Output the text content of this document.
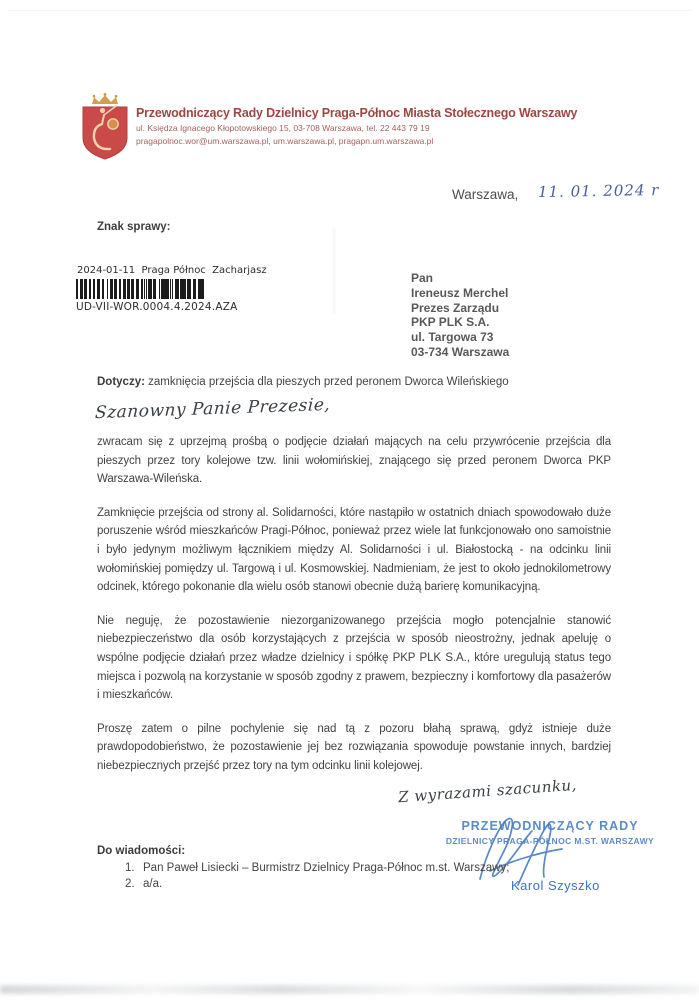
Przewodniczący Rady Dzielnicy Praga-Północ Miasta Stołecznego Warszawy
ul. Księdza Ignacego Kłopotowskiego 15, 03-708 Warszawa, tel. 22 443 79 19
pragapolnoc.wor@um.warszawa.pl, um.warszawa.pl, pragapn.um.warszawa.pl
Warszawa, 11. 01. 2024 r
Znak sprawy:
2024-01-11  Praga Północ  Zacharjasz
UD-VII-WOR.0004.4.2024.AZA
Pan
Ireneusz Merchel
Prezes Zarządu
PKP PLK S.A.
ul. Targowa 73
03-734 Warszawa
Dotyczy: zamknięcia przejścia dla pieszych przed peronem Dworca Wileńskiego
Szanowny Panie Prezesie,

zwracam się z uprzejmą prośbą o podjęcie działań mających na celu przywrócenie przejścia dla pieszych przez tory kolejowe tzw. linii wołomińskiej, znającego się przed peronem Dworca PKP Warszawa-Wileńska.

Zamknięcie przejścia od strony al. Solidarności, które nastąpiło w ostatnich dniach spowodowało duże poruszenie wśród mieszkańców Pragi-Północ, ponieważ przez wiele lat funkcjonowało ono samoistnie i było jedynym możliwym łącznikiem między Al. Solidarności i ul. Białostocką - na odcinku linii wołomińskiej pomiędzy ul. Targową i ul. Kosmowskiej. Nadmieniam, że jest to około jednokilometrowy odcinek, którego pokonanie dla wielu osób stanowi obecnie dużą barierę komunikacyjną.

Nie neguję, że pozostawienie niezorganizowanego przejścia mogło potencjalnie stanowić niebezpieczeństwo dla osób korzystających z przejścia w sposób nieostrożny, jednak apeluję o wspólne podjęcie działań przez władze dzielnicy i spółkę PKP PLK S.A., które uregulują status tego miejsca i pozwolą na korzystanie w sposób zgodny z prawem, bezpieczny i komfortowy dla pasażerów i mieszkańców.

Proszę zatem o pilne pochylenie się nad tą z pozoru błahą sprawą, gdyż istnieje duże prawdopodobieństwo, że pozostawienie jej bez rozwiązania spowoduje powstanie innych, bardziej niebezpiecznych przejść przez tory na tym odcinku linii kolejowej.

Z wyrazami szacunku,
PRZEWODNICZĄCY RADY
DZIELNICY PRAGA-PÓŁNOC M.ST. WARSZAWY
Karol Szyszko
Do wiadomości:
1. Pan Paweł Lisiecki – Burmistrz Dzielnicy Praga-Północ m.st. Warszawy;
2. a/a.
